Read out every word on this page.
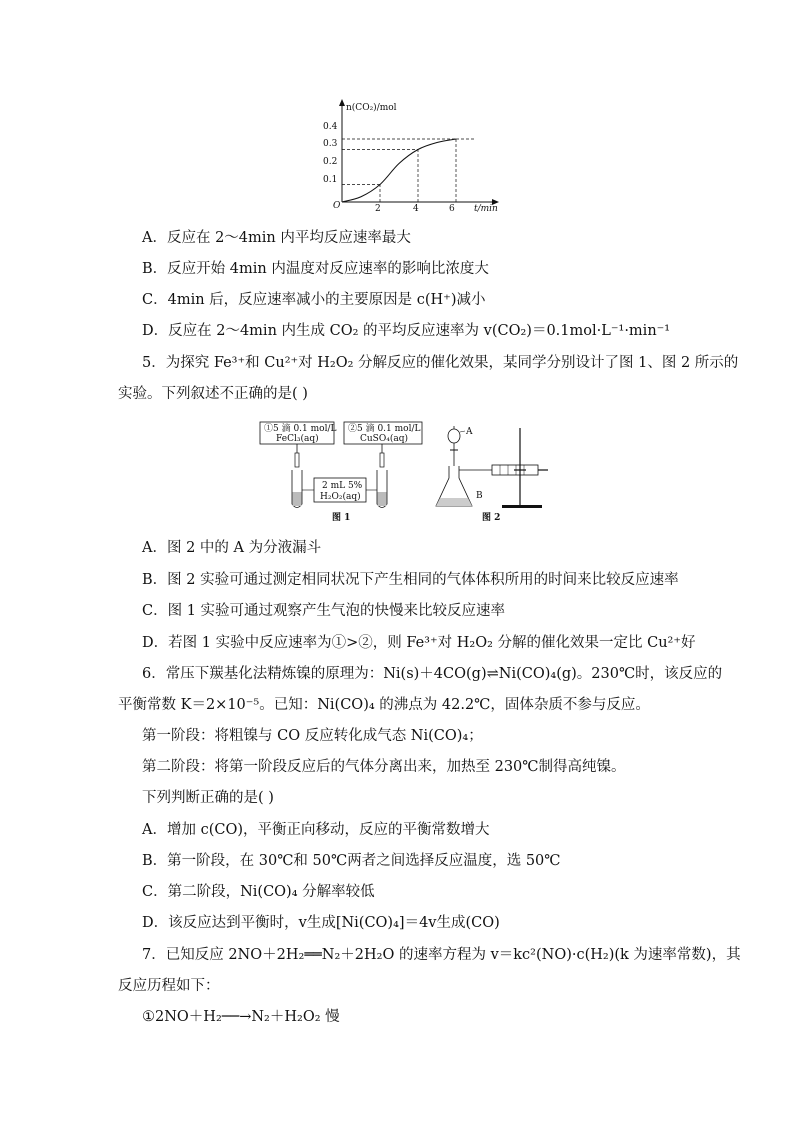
n(CO₂)/mol
t/min
O
0.4
0.3
0.2
0.1
2	4	6
A．反应在 2～4min 内平均反应速率最大
B．反应开始 4min 内温度对反应速率的影响比浓度大
C．4min 后，反应速率减小的主要原因是 c(H⁺)减小
D．反应在 2～4min 内生成 CO₂ 的平均反应速率为 v(CO₂)＝0.1mol·L⁻¹·min⁻¹
5．为探究 Fe³⁺和 Cu²⁺对 H₂O₂ 分解反应的催化效果，某同学分别设计了图 1、图 2 所示的
实验。下列叙述不正确的是( )
①5 滴 0.1 mol/L
FeCl₃(aq)
②5 滴 0.1 mol/L
CuSO₄(aq)
2 mL 5%
H₂O₂(aq)
图 1
A
B
图 2
A．图 2 中的 A 为分液漏斗
B．图 2 实验可通过测定相同状况下产生相同的气体体积所用的时间来比较反应速率
C．图 1 实验可通过观察产生气泡的快慢来比较反应速率
D．若图 1 实验中反应速率为①>②，则 Fe³⁺对 H₂O₂ 分解的催化效果一定比 Cu²⁺好
6．常压下羰基化法精炼镍的原理为：Ni(s)＋4CO(g)⇌Ni(CO)₄(g)。230℃时，该反应的
平衡常数 K＝2×10⁻⁵。已知：Ni(CO)₄ 的沸点为 42.2℃，固体杂质不参与反应。
第一阶段：将粗镍与 CO 反应转化成气态 Ni(CO)₄；
第二阶段：将第一阶段反应后的气体分离出来，加热至 230℃制得高纯镍。
下列判断正确的是( )
A．增加 c(CO)，平衡正向移动，反应的平衡常数增大
B．第一阶段，在 30℃和 50℃两者之间选择反应温度，选 50℃
C．第二阶段，Ni(CO)₄ 分解率较低
D．该反应达到平衡时，v生成[Ni(CO)₄]＝4v生成(CO)
7．已知反应 2NO＋2H₂══N₂＋2H₂O 的速率方程为 v＝kc²(NO)·c(H₂)(k 为速率常数)，其
反应历程如下：
①2NO＋H₂──→N₂＋H₂O₂ 慢
